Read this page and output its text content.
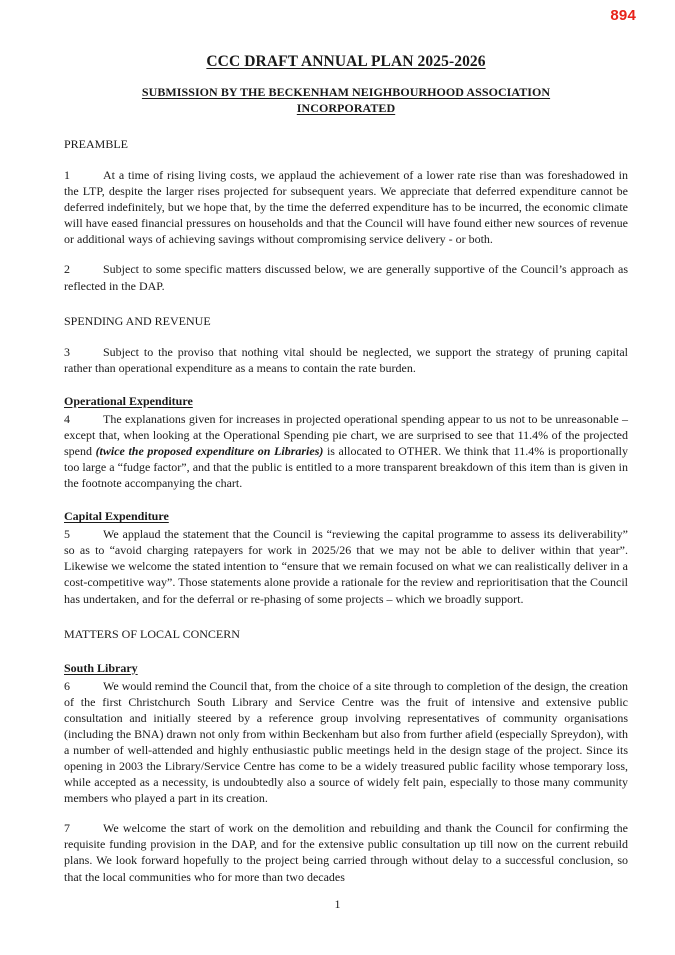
894
CCC DRAFT ANNUAL PLAN 2025-2026
SUBMISSION BY THE BECKENHAM NEIGHBOURHOOD ASSOCIATION
INCORPORATED
PREAMBLE

1	At a time of rising living costs, we applaud the achievement of a lower rate rise than was foreshadowed in the LTP, despite the larger rises projected for subsequent years. We appreciate that deferred expenditure cannot be deferred indefinitely, but we hope that, by the time the deferred expenditure has to be incurred, the economic climate will have eased financial pressures on households and that the Council will have found either new sources of revenue or additional ways of achieving savings without compromising service delivery - or both.

2	Subject to some specific matters discussed below, we are generally supportive of the Council’s approach as reflected in the DAP.

SPENDING AND REVENUE

3	Subject to the proviso that nothing vital should be neglected, we support the strategy of pruning capital rather than operational expenditure as a means to contain the rate burden.

Operational Expenditure

4	The explanations given for increases in projected operational spending appear to us not to be unreasonable – except that, when looking at the Operational Spending pie chart, we are surprised to see that 11.4% of the projected spend (twice the proposed expenditure on Libraries) is allocated to OTHER. We think that 11.4% is proportionally too large a “fudge factor”, and that the public is entitled to a more transparent breakdown of this item than is given in the footnote accompanying the chart.

Capital Expenditure

5	We applaud the statement that the Council is “reviewing the capital programme to assess its deliverability” so as to “avoid charging ratepayers for work in 2025/26 that we may not be able to deliver within that year”. Likewise we welcome the stated intention to “ensure that we remain focused on what we can realistically deliver in a cost-competitive way”. Those statements alone provide a rationale for the review and reprioritisation that the Council has undertaken, and for the deferral or re-phasing of some projects – which we broadly support.

MATTERS OF LOCAL CONCERN
South Library

6	We would remind the Council that, from the choice of a site through to completion of the design, the creation of the first Christchurch South Library and Service Centre was the fruit of intensive and extensive public consultation and initially steered by a reference group involving representatives of community organisations (including the BNA) drawn not only from within Beckenham but also from further afield (especially Spreydon), with a number of well-attended and highly enthusiastic public meetings held in the design stage of the project. Since its opening in 2003 the Library/Service Centre has come to be a widely treasured public facility whose temporary loss, while accepted as a necessity, is undoubtedly also a source of widely felt pain, especially to those many community members who played a part in its creation.

7	We welcome the start of work on the demolition and rebuilding and thank the Council for confirming the requisite funding provision in the DAP, and for the extensive public consultation up till now on the current rebuild plans. We look forward hopefully to the project being carried through without delay to a successful conclusion, so that the local communities who for more than two decades

1
